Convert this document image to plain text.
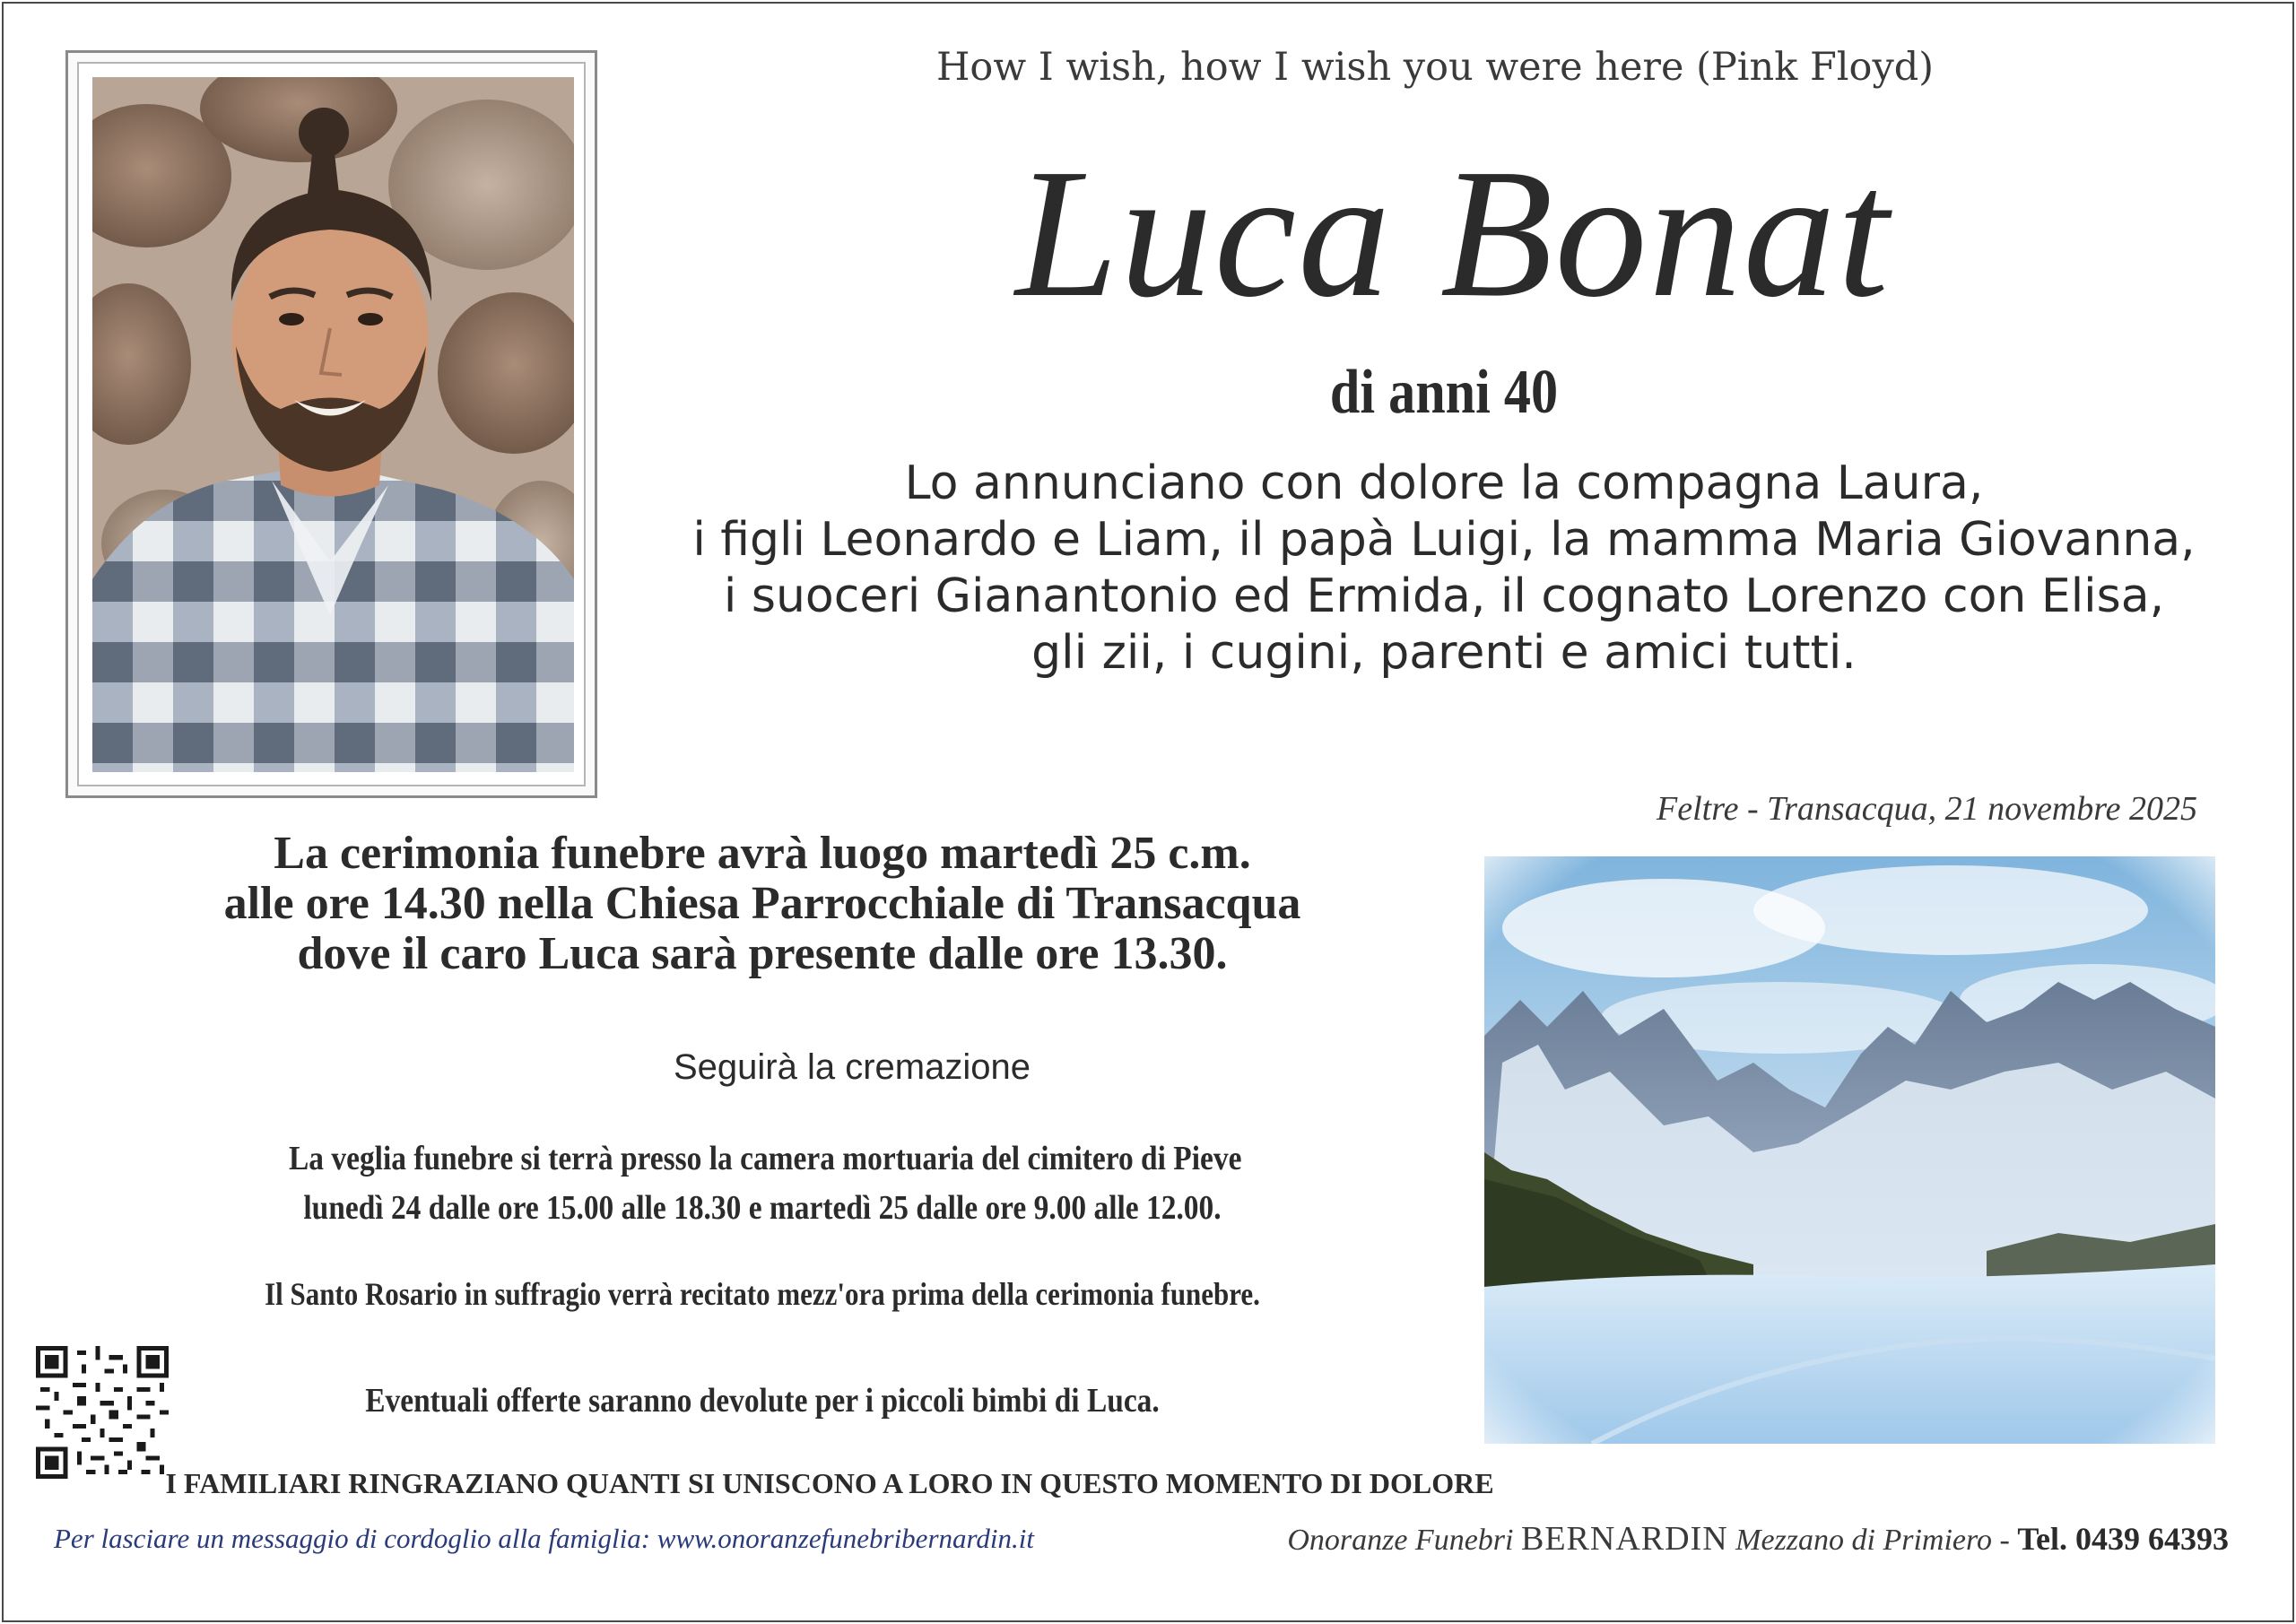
How I wish, how I wish you were here (Pink Floyd)
Luca Bonat
di anni 40
Lo annunciano con dolore la compagna Laura,
i figli Leonardo e Liam, il papà Luigi, la mamma Maria Giovanna,
i suoceri Gianantonio ed Ermida, il cognato Lorenzo con Elisa,
gli zii, i cugini, parenti e amici tutti.
Feltre - Transacqua, 21 novembre 2025
La cerimonia funebre avrà luogo martedì 25 c.m.
alle ore 14.30 nella Chiesa Parrocchiale di Transacqua
dove il caro Luca sarà presente dalle ore 13.30.
Seguirà la cremazione
La veglia funebre si terrà presso la camera mortuaria del cimitero di Pieve
lunedì 24 dalle ore 15.00 alle 18.30 e martedì 25 dalle ore 9.00 alle 12.00.
Il Santo Rosario in suffragio verrà recitato mezz'ora prima della cerimonia funebre.
Eventuali offerte saranno devolute per i piccoli bimbi di Luca.
I FAMILIARI RINGRAZIANO QUANTI SI UNISCONO A LORO IN QUESTO MOMENTO DI DOLORE
Per lasciare un messaggio di cordoglio alla famiglia: www.onoranzefunebribernardin.it	Onoranze Funebri BERNARDIN Mezzano di Primiero - Tel. 0439 64393
